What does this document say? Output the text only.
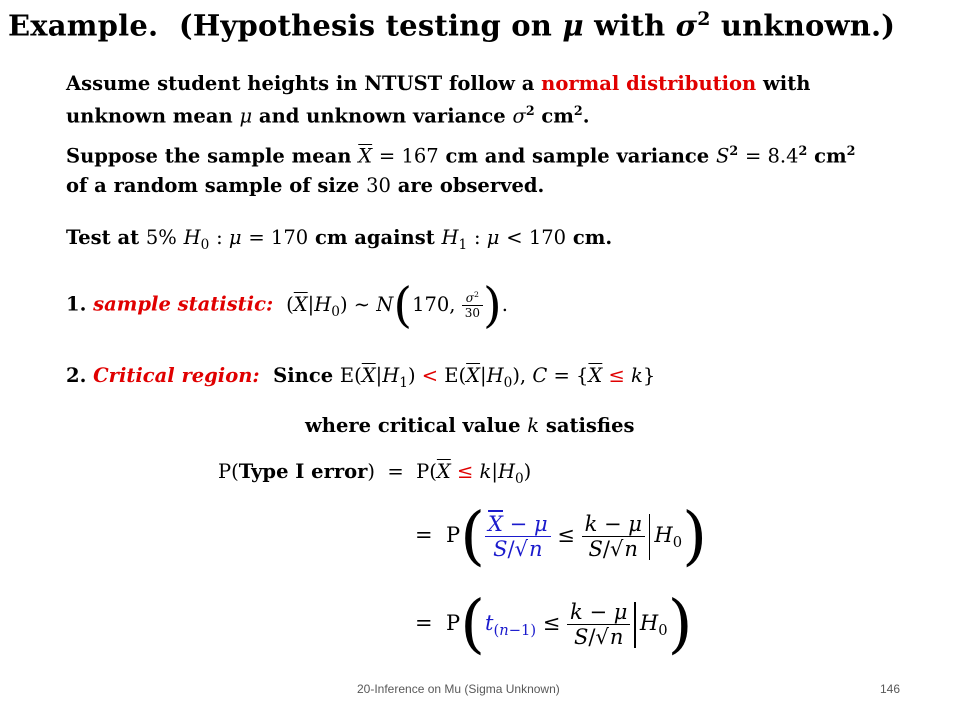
Example.  (Hypothesis testing on μ with $\sigma^2$ unknown.)
Assume student heights in NTUST follow a normal distribution with
unknown mean μ and unknown variance $\sigma^2$ $cm^2$.
Suppose the sample mean $\overline{X} = 167$ cm and sample variance $S^2 = 8.4^2$ $cm^2$
of a random sample of size 30 are observed.
Test at 5% $H_0$ : μ = 170 cm against $H_1$ : μ < 170 cm.
1. sample statistic:  $(\overline{X}|H_0)$ ∼ N(170, $\frac{\sigma^2}{30}$ ).
2. Critical region:  Since $E(\overline{X}|H_1) < E(\overline{X}|H_0)$, $C = \{\overline{X} \le k\}$
where critical value k satisfies
P(Type I error)  =  $P(\overline{X} \le k|H_0)$
=  $P( \frac{\overline{X} - \mu}{S/√n} \le \frac{k - \mu}{S/√n} H_0)$
=  $P(t_{(n-1)} \le \frac{k - \mu}{S/√n} H_0)$
20-Inference on Mu (Sigma Unknown)	146
